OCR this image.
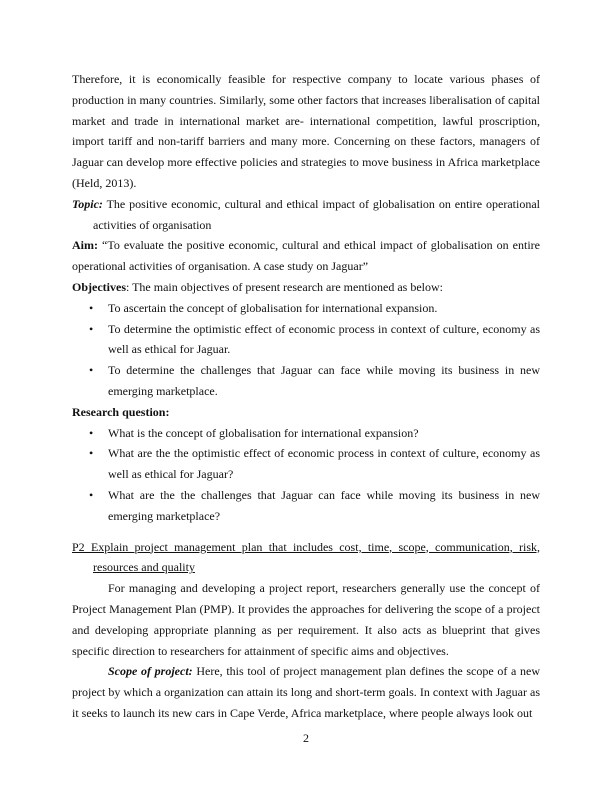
Therefore, it is economically feasible for respective company to locate various phases of production in many countries. Similarly, some other factors that increases liberalisation of capital market and trade in international market are- international competition, lawful proscription, import tariff and non-tariff barriers and many more. Concerning on these factors, managers of Jaguar can develop more effective policies and strategies to move business in Africa marketplace (Held, 2013).

Topic: The positive economic, cultural and ethical impact of globalisation on entire operational activities of organisation

Aim: “To evaluate the positive economic, cultural and ethical impact of globalisation on entire operational activities of organisation. A case study on Jaguar”

Objectives: The main objectives of present research are mentioned as below:

• To ascertain the concept of globalisation for international expansion.
• To determine the optimistic effect of economic process in context of culture, economy as well as ethical for Jaguar.
• To determine the challenges that Jaguar can face while moving its business in new emerging marketplace.

Research question:

• What is the concept of globalisation for international expansion?
• What are the the optimistic effect of economic process in context of culture, economy as well as ethical for Jaguar?
• What are the the challenges that Jaguar can face while moving its business in new emerging marketplace?

P2 Explain project management plan that includes cost, time, scope, communication, risk, resources and quality

For managing and developing a project report, researchers generally use the concept of Project Management Plan (PMP). It provides the approaches for delivering the scope of a project and developing appropriate planning as per requirement. It also acts as blueprint that gives specific direction to researchers for attainment of specific aims and objectives.

Scope of project: Here, this tool of project management plan defines the scope of a new project by which a organization can attain its long and short-term goals. In context with Jaguar as it seeks to launch its new cars in Cape Verde, Africa marketplace, where people always look out

2
